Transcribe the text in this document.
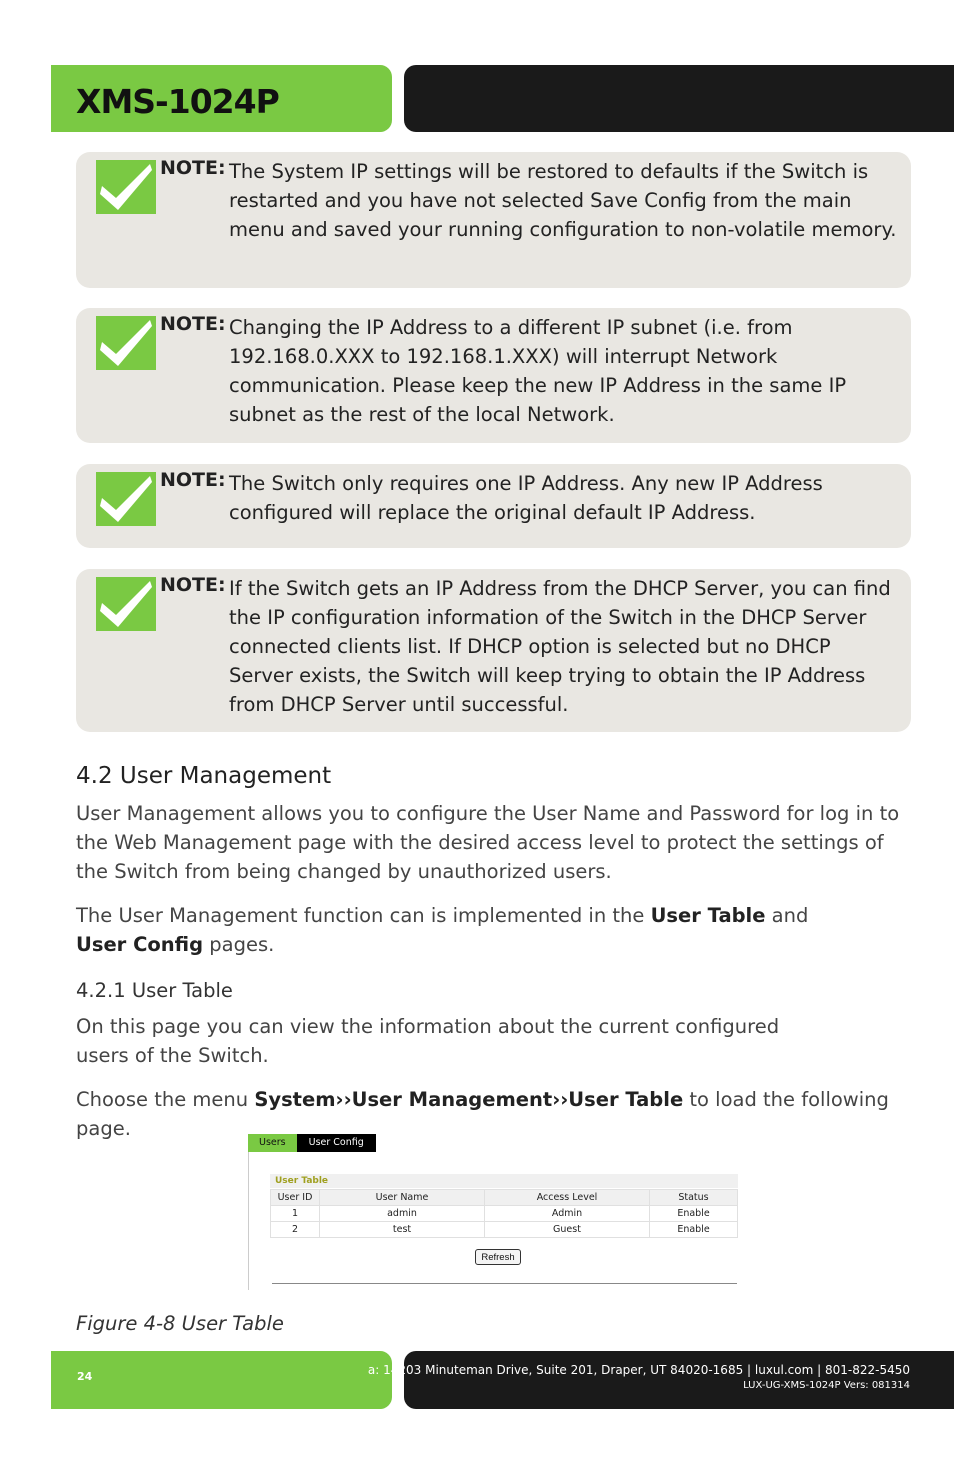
XMS-1024P
NOTE: The System IP settings will be restored to defaults if the Switch is restarted and you have not selected Save Config from the main menu and saved your running configuration to non-volatile memory.
NOTE: Changing the IP Address to a different IP subnet (i.e. from 192.168.0.XXX to 192.168.1.XXX) will interrupt Network communication. Please keep the new IP Address in the same IP subnet as the rest of the local Network.
NOTE: The Switch only requires one IP Address. Any new IP Address configured will replace the original default IP Address.
NOTE: If the Switch gets an IP Address from the DHCP Server, you can find the IP configuration information of the Switch in the DHCP Server connected clients list. If DHCP option is selected but no DHCP Server exists, the Switch will keep trying to obtain the IP Address from DHCP Server until successful.
4.2 User Management
User Management allows you to configure the User Name and Password for log in to the Web Management page with the desired access level to protect the settings of the Switch from being changed by unauthorized users.
The User Management function can is implemented in the User Table and
User Config pages.
4.2.1 User Table
On this page you can view the information about the current configured users of the Switch.
Choose the menu System››User Management››User Table to load the following page.
Users	User Config
User Table
User ID	User Name	Access Level	Status
1	admin	Admin	Enable
2	test	Guest	Enable
Refresh
Figure 4-8 User Table
24	a: 14203 Minuteman Drive, Suite 201, Draper, UT 84020-1685 | luxul.com | 801-822-5450
LUX-UG-XMS-1024P Vers: 081314
